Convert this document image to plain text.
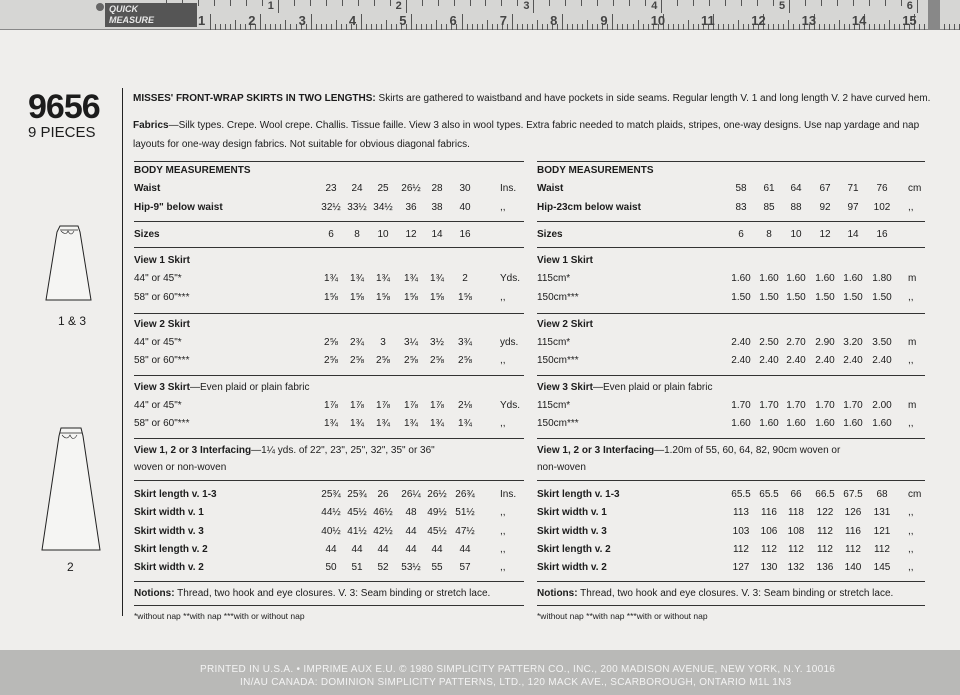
QUICK
MEASURE	1	2	3	4	5	6	7	8	9	10	11	12	13	14	15
1	2	3	4	5	6
9656
9 PIECES
1 & 3
2
MISSES' FRONT-WRAP SKIRTS IN TWO LENGTHS: Skirts are gathered to waistband and have pockets in side seams. Regular length V. 1 and long length V. 2 have curved hem.
Fabrics—Silk types. Crepe. Wool crepe. Challis. Tissue faille. View 3 also in wool types. Extra fabric needed to match plaids, stripes, one-way designs. Use nap yardage and nap
layouts for one-way design fabrics. Not suitable for obvious diagonal fabrics.
BODY MEASUREMENTS
Waist	23	24	25	26½	28	30	Ins.
Hip-9" below waist	32½ 33½ 34½	36	38	40	,,
Sizes	6	8	10	12	14	16
View 1 Skirt
44" or 45"*	1¾	1¾	1¾	1¾	1¾	2	Yds.
58" or 60"***	1⅝	1⅝	1⅝	1⅝	1⅝	1⅝	,,
View 2 Skirt
44" or 45"*	2⅝	2¾	3	3¼	3½	3¾	yds.
58" or 60"***	2⅝	2⅝	2⅝	2⅝	2⅝	2⅝	,,
View 3 Skirt—Even plaid or plain fabric
44" or 45"*	1⅞	1⅞	1⅞	1⅞	1⅞	2⅛	Yds.
58" or 60"***	1¾	1¾	1¾	1¾	1¾	1¾	,,
View 1, 2 or 3 Interfacing—1¼ yds. of 22", 23", 25", 32", 35" or 36"
woven or non-woven
Skirt length v. 1-3	25¾ 25¾	26	26¼ 26½ 26¾	Ins.
Skirt width v. 1	44½ 45½ 46½	48	49½ 51½	,,
Skirt width v. 3	40½ 41½ 42½	44	45½ 47½	,,
Skirt length v. 2	44	44	44	44	44	44	,,
Skirt width v. 2	50	51	52	53½	55	57	,,
Notions: Thread, two hook and eye closures. V. 3: Seam binding or stretch lace.
*without nap **with nap ***with or without nap
BODY MEASUREMENTS
Waist	58	61	64	67	71	76	cm
Hip-23cm below waist	83	85	88	92	97	102	,,
Sizes	6	8	10	12	14	16
View 1 Skirt
115cm*	1.60 1.60 1.60 1.60 1.60 1.80	m
150cm***	1.50 1.50 1.50 1.50 1.50 1.50	,,
View 2 Skirt
115cm*	2.40 2.50 2.70 2.90 3.20 3.50	m
150cm***	2.40 2.40 2.40 2.40 2.40 2.40	,,
View 3 Skirt—Even plaid or plain fabric
115cm*	1.70 1.70 1.70 1.70 1.70 2.00	m
150cm***	1.60 1.60 1.60 1.60 1.60 1.60	,,
View 1, 2 or 3 Interfacing—1.20m of 55, 60, 64, 82, 90cm woven or
non-woven
Skirt length v. 1-3	65.5 65.5	66	66.5 67.5	68	cm
Skirt width v. 1	113	116	118	122	126	131	,,
Skirt width v. 3	103	106	108	112	116	121	,,
Skirt length v. 2	112	112	112	112	112	112	,,
Skirt width v. 2	127	130	132	136	140	145	,,
Notions: Thread, two hook and eye closures. V. 3: Seam binding or stretch lace.
*without nap **with nap ***with or without nap
PRINTED IN U.S.A. • IMPRIME AUX E.U. © 1980 SIMPLICITY PATTERN CO., INC., 200 MADISON AVENUE, NEW YORK, N.Y. 10016
IN/AU CANADA: DOMINION SIMPLICITY PATTERNS, LTD., 120 MACK AVE., SCARBOROUGH, ONTARIO M1L 1N3
